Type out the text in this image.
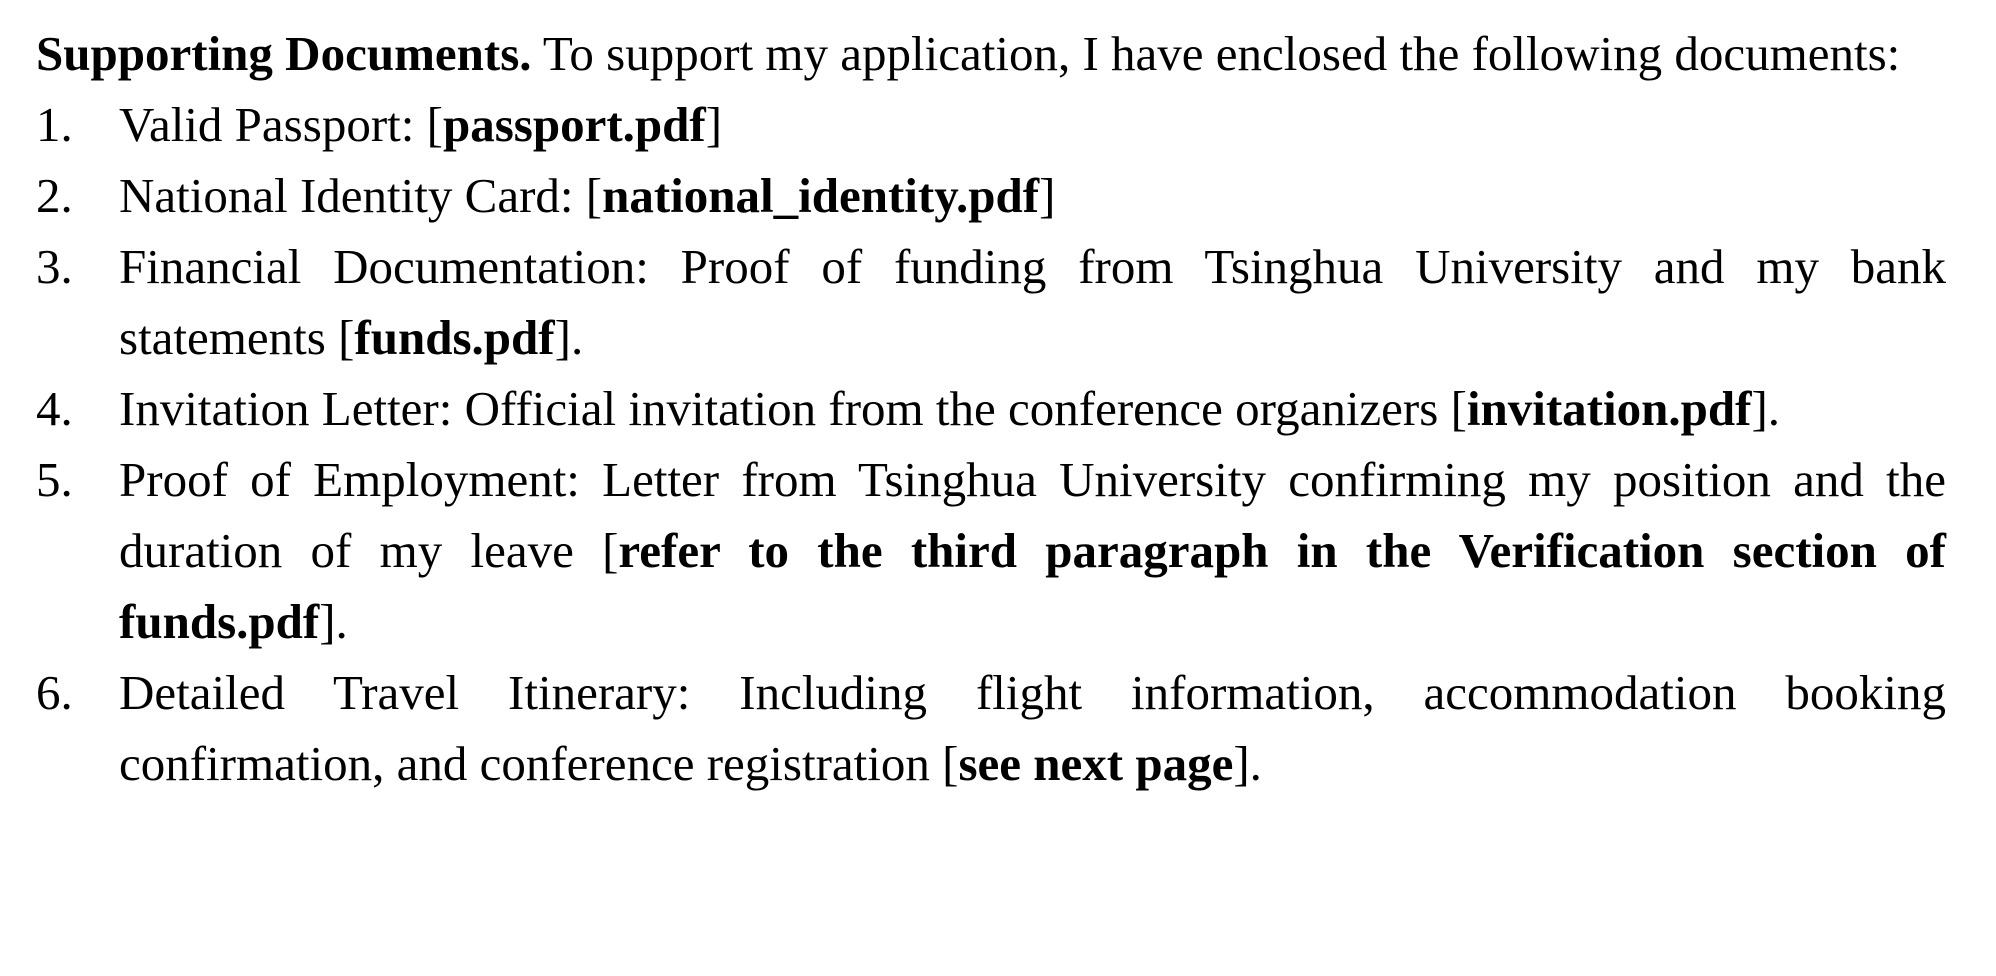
Supporting Documents. To support my application, I have enclosed the following documents:

1. Valid Passport: [passport.pdf]
2. National Identity Card: [national_identity.pdf]
3. Financial Documentation: Proof of funding from Tsinghua University and my bank statements [funds.pdf].
4. Invitation Letter: Official invitation from the conference organizers [invitation.pdf].
5. Proof of Employment: Letter from Tsinghua University confirming my position and the duration of my leave [refer to the third paragraph in the Verification section of funds.pdf].
6. Detailed Travel Itinerary: Including flight information, accommodation booking confirmation, and conference registration [see next page].
